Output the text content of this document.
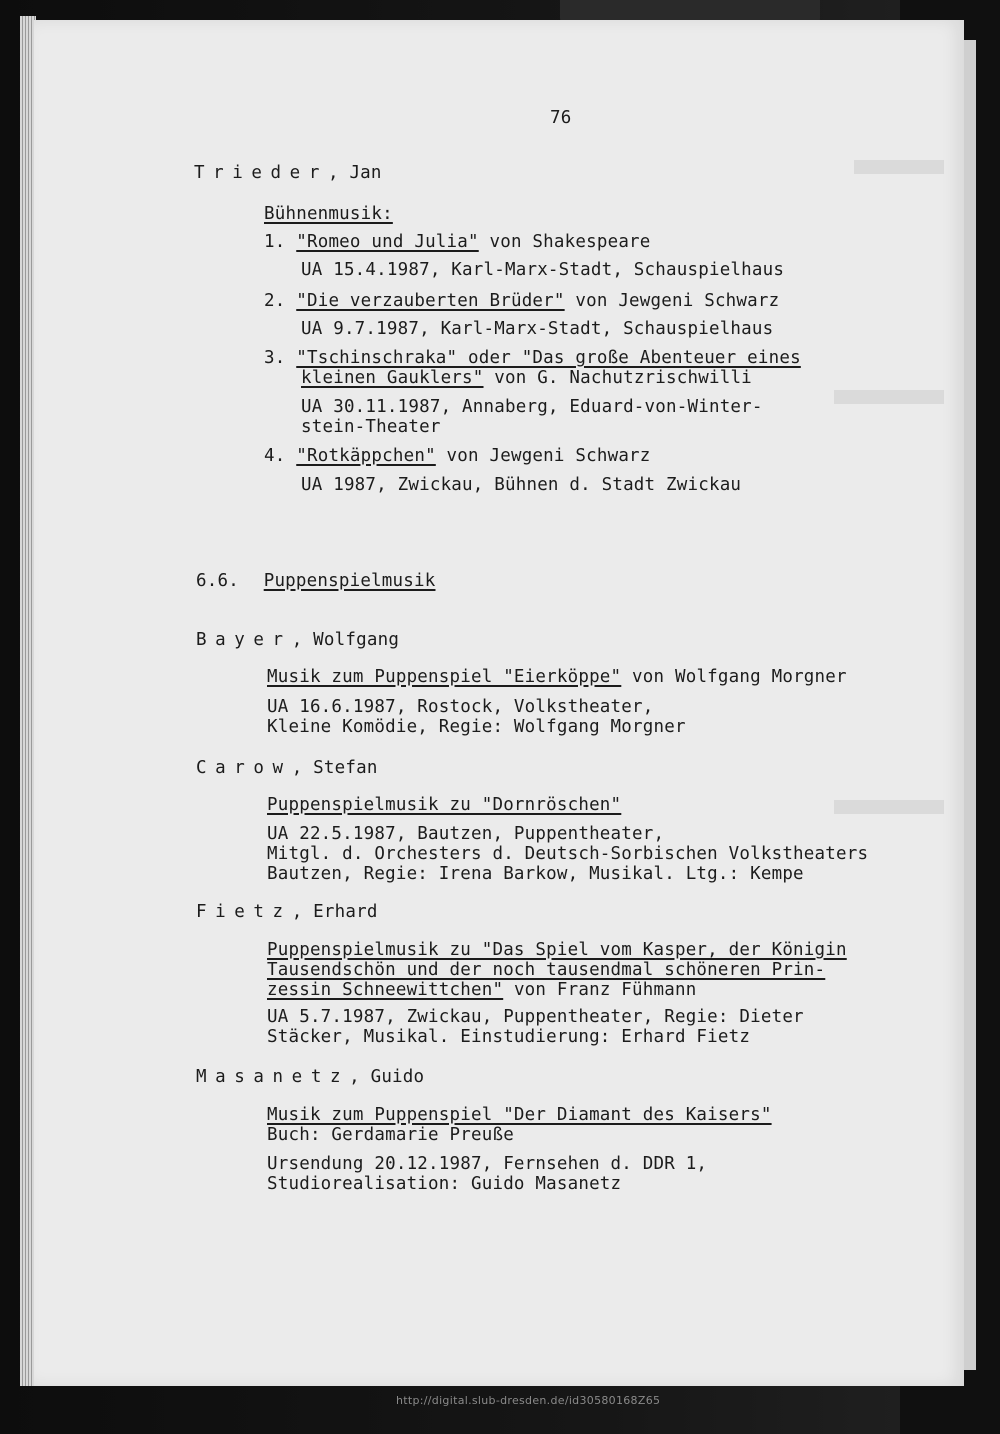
76
Trieder, Jan
Bühnenmusik:
1. "Romeo und Julia" von Shakespeare
UA 15.4.1987, Karl-Marx-Stadt, Schauspielhaus
2. "Die verzauberten Brüder" von Jewgeni Schwarz
UA 9.7.1987, Karl-Marx-Stadt, Schauspielhaus
3. "Tschinschraka" oder "Das große Abenteuer eines
kleinen Gauklers" von G. Nachutzrischwilli
UA 30.11.1987, Annaberg, Eduard-von-Winter-
stein-Theater
4. "Rotkäppchen" von Jewgeni Schwarz
UA 1987, Zwickau, Bühnen d. Stadt Zwickau
6.6. Puppenspielmusik
Bayer, Wolfgang
Musik zum Puppenspiel "Eierköppe" von Wolfgang Morgner
UA 16.6.1987, Rostock, Volkstheater,
Kleine Komödie, Regie: Wolfgang Morgner
Carow, Stefan
Puppenspielmusik zu "Dornröschen"
UA 22.5.1987, Bautzen, Puppentheater,
Mitgl. d. Orchesters d. Deutsch-Sorbischen Volkstheaters
Bautzen, Regie: Irena Barkow, Musikal. Ltg.: Kempe
Fietz, Erhard
Puppenspielmusik zu "Das Spiel vom Kasper, der Königin
Tausendschön und der noch tausendmal schöneren Prin-
zessin Schneewittchen" von Franz Fühmann
UA 5.7.1987, Zwickau, Puppentheater, Regie: Dieter
Stäcker, Musikal. Einstudierung: Erhard Fietz
Masanetz, Guido
Musik zum Puppenspiel "Der Diamant des Kaisers"
Buch: Gerdamarie Preuße
Ursendung 20.12.1987, Fernsehen d. DDR 1,
Studiorealisation: Guido Masanetz
http://digital.slub-dresden.de/id30580168Z65
